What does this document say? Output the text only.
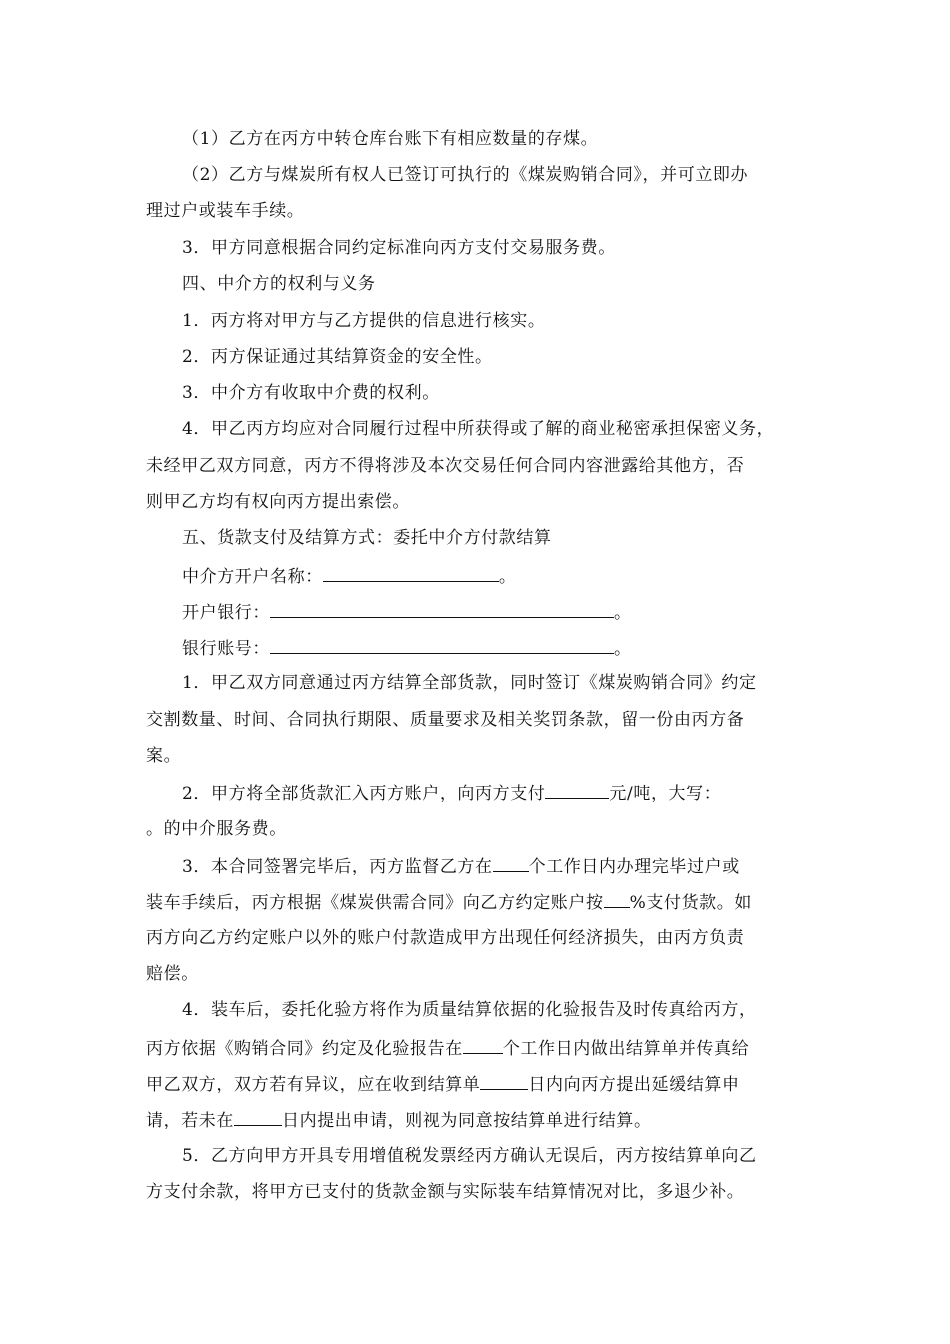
（1）乙方在丙方中转仓库台账下有相应数量的存煤。
（2）乙方与煤炭所有权人已签订可执行的《煤炭购销合同》，并可立即办
理过户或装车手续。
3．甲方同意根据合同约定标准向丙方支付交易服务费。
四、中介方的权利与义务
1．丙方将对甲方与乙方提供的信息进行核实。
2．丙方保证通过其结算资金的安全性。
3．中介方有收取中介费的权利。
4．甲乙丙方均应对合同履行过程中所获得或了解的商业秘密承担保密义务，
未经甲乙双方同意，丙方不得将涉及本次交易任何合同内容泄露给其他方，否
则甲乙方均有权向丙方提出索偿。
五、货款支付及结算方式：委托中介方付款结算
中介方开户名称：	。
开户银行：	。
银行账号：	。
1．甲乙双方同意通过丙方结算全部货款，同时签订《煤炭购销合同》约定
交割数量、时间、合同执行期限、质量要求及相关奖罚条款，留一份由丙方备
案。
2．甲方将全部货款汇入丙方账户，向丙方支付	元/吨，大写：
。的中介服务费。
3．本合同签署完毕后，丙方监督乙方在 个工作日内办理完毕过户或
装车手续后，丙方根据《煤炭供需合同》向乙方约定账户按 %支付货款。如
丙方向乙方约定账户以外的账户付款造成甲方出现任何经济损失，由丙方负责
赔偿。
4．装车后，委托化验方将作为质量结算依据的化验报告及时传真给丙方，
丙方依据《购销合同》约定及化验报告在 个工作日内做出结算单并传真给
甲乙双方，双方若有异议，应在收到结算单	日内向丙方提出延缓结算申
请，若未在	日内提出申请，则视为同意按结算单进行结算。
5．乙方向甲方开具专用增值税发票经丙方确认无误后，丙方按结算单向乙
方支付余款，将甲方已支付的货款金额与实际装车结算情况对比，多退少补。
